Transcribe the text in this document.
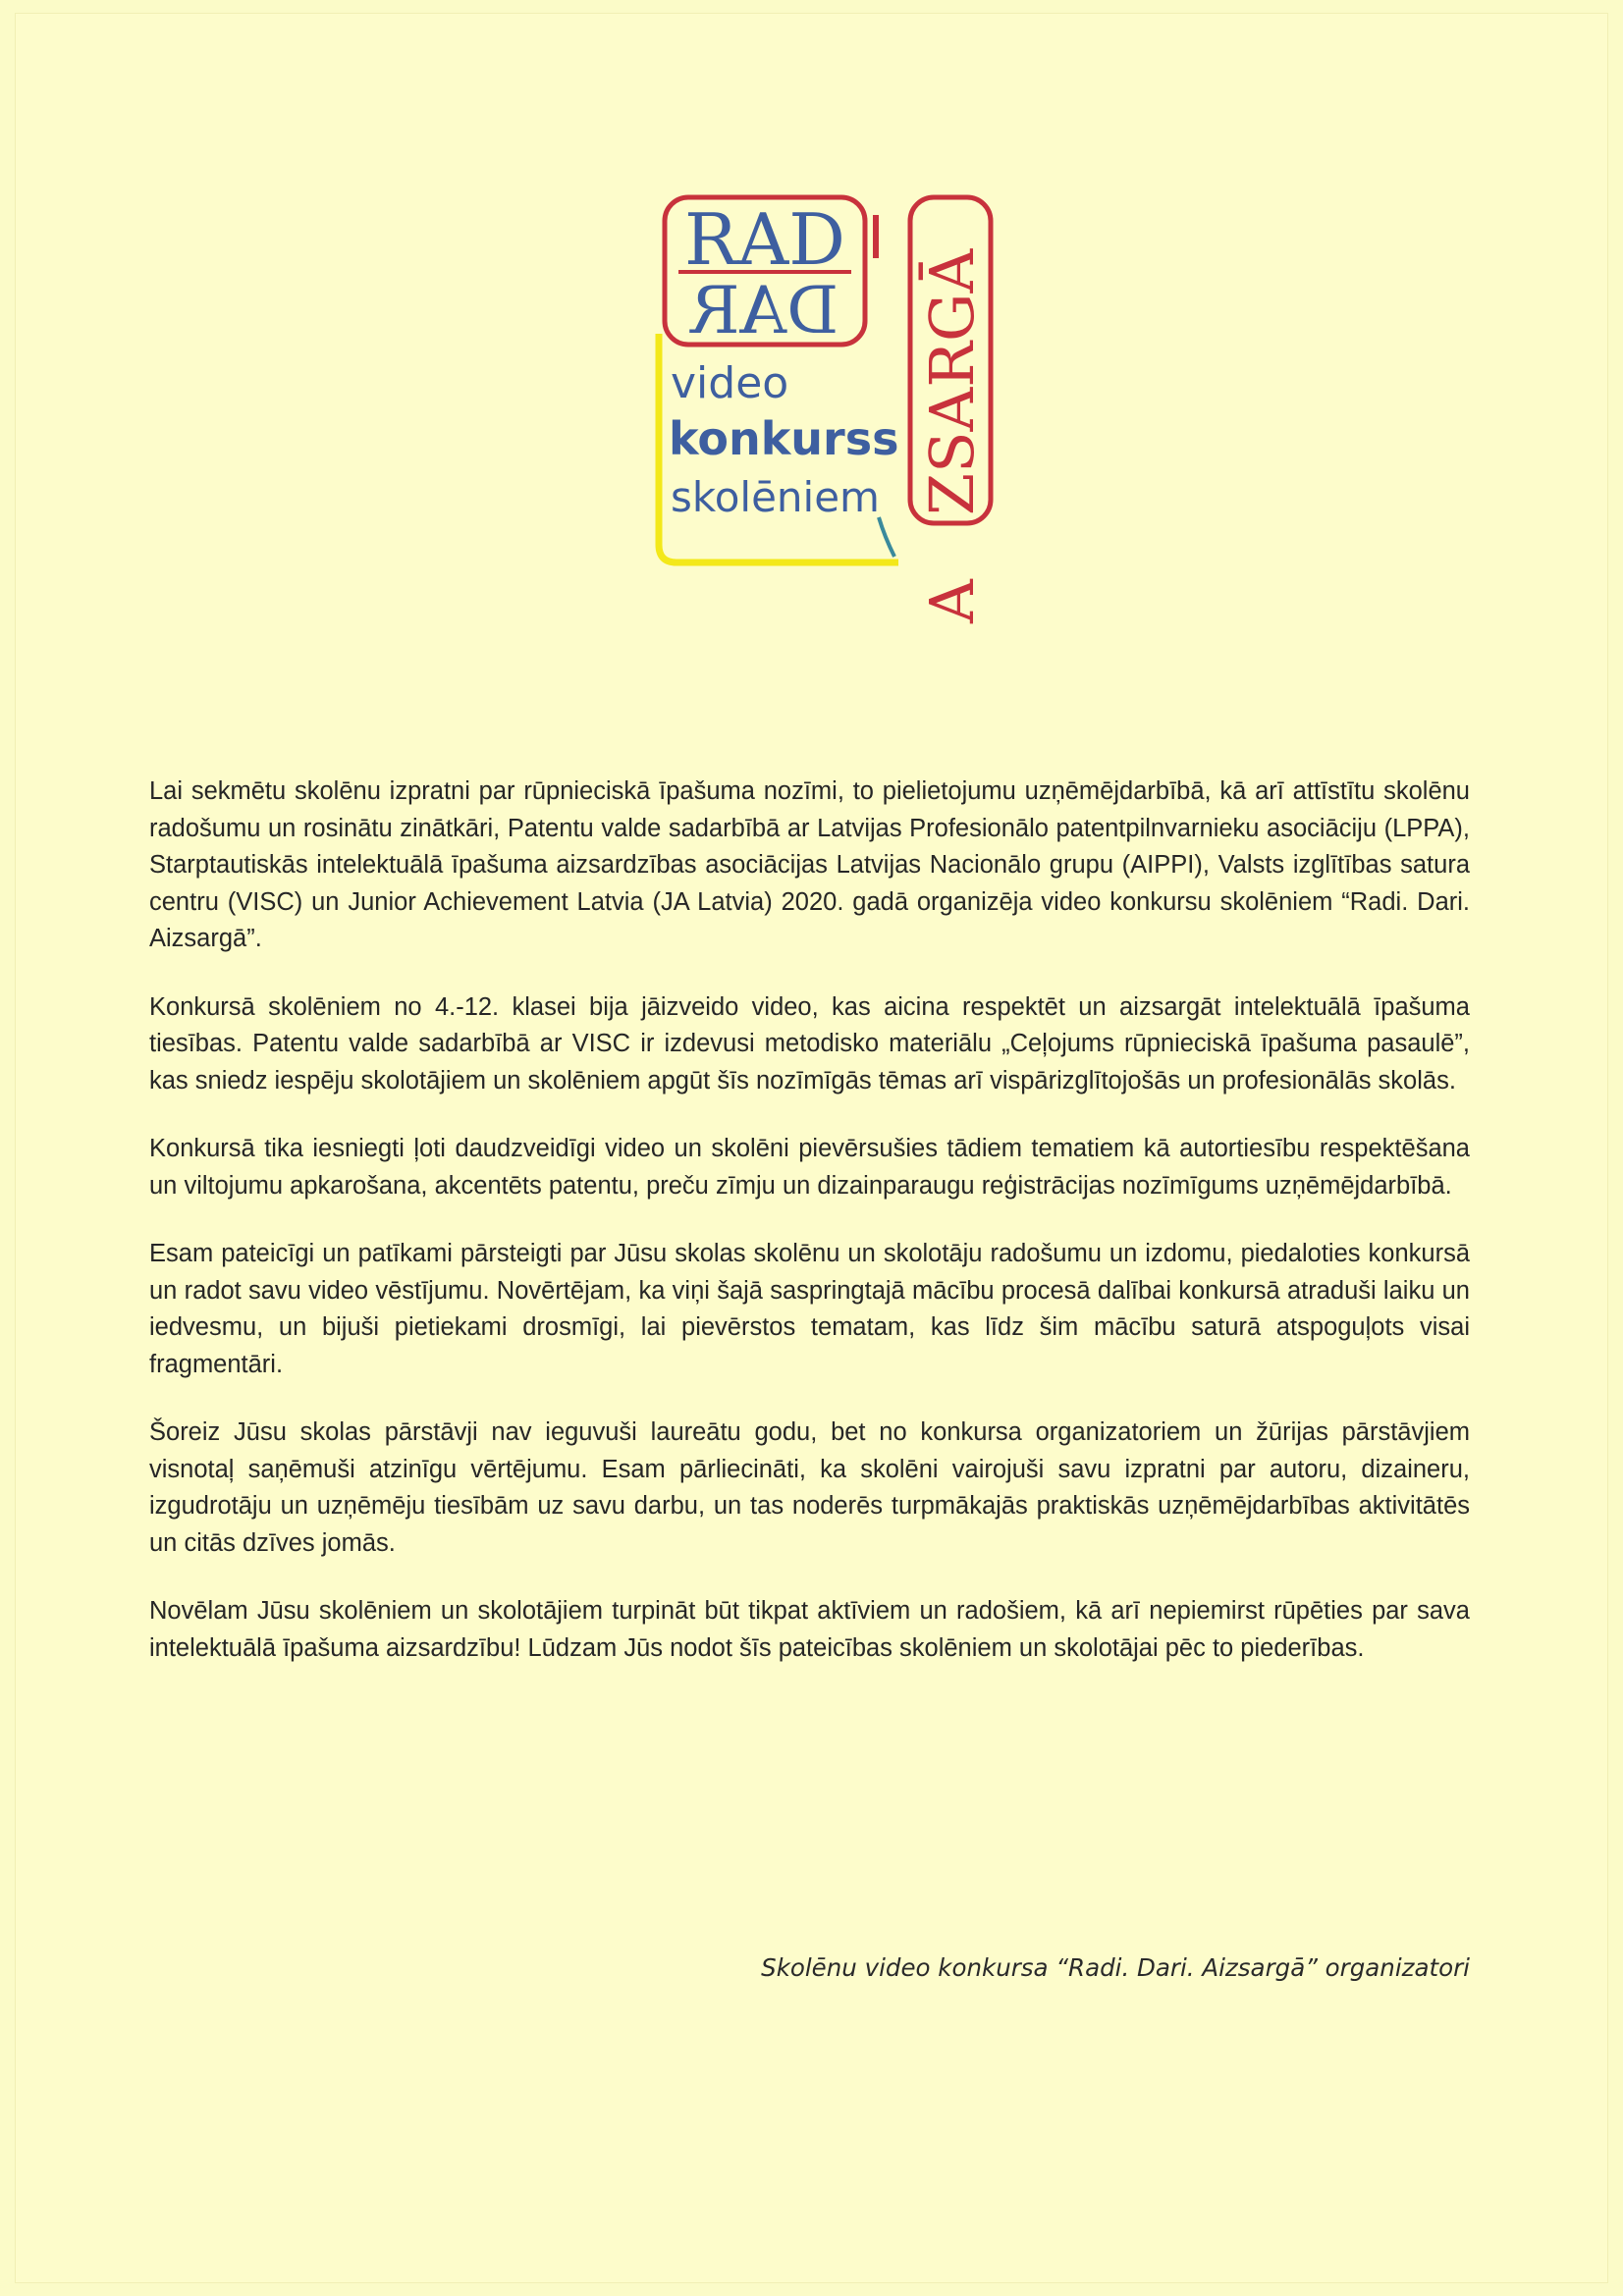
RAD
DAR
video
konkurss
skolēniem ZSARGĀ
A

Lai sekmētu skolēnu izpratni par rūpnieciskā īpašuma nozīmi, to pielietojumu uzņēmējdarbībā, kā arī attīstītu skolēnu radošumu un rosinātu zinātkāri, Patentu valde sadarbībā ar Latvijas Profesionālo patentpilnvarnieku asociāciju (LPPA), Starptautiskās intelektuālā īpašuma aizsardzības asociācijas Latvijas Nacionālo grupu (AIPPI), Valsts izglītības satura centru (VISC) un Junior Achievement Latvia (JA Latvia) 2020. gadā organizēja video konkursu skolēniem “Radi. Dari. Aizsargā”.

Konkursā skolēniem no 4.-12. klasei bija jāizveido video, kas aicina respektēt un aizsargāt intelektuālā īpašuma tiesības. Patentu valde sadarbībā ar VISC ir izdevusi metodisko materiālu „Ceļojums rūpnieciskā īpašuma pasaulē”, kas sniedz iespēju skolotājiem un skolēniem apgūt šīs nozīmīgās tēmas arī vispārizglītojošās un profesionālās skolās.

Konkursā tika iesniegti ļoti daudzveidīgi video un skolēni pievērsušies tādiem tematiem kā autortiesību respektēšana un viltojumu apkarošana, akcentēts patentu, preču zīmju un dizainparaugu reģistrācijas nozīmīgums uzņēmējdarbībā.

Esam pateicīgi un patīkami pārsteigti par Jūsu skolas skolēnu un skolotāju radošumu un izdomu, piedaloties konkursā un radot savu video vēstījumu. Novērtējam, ka viņi šajā saspringtajā mācību procesā dalībai konkursā atraduši laiku un iedvesmu, un bijuši pietiekami drosmīgi, lai pievērstos tematam, kas līdz šim mācību saturā atspoguļots visai fragmentāri.

Šoreiz Jūsu skolas pārstāvji nav ieguvuši laureātu godu, bet no konkursa organizatoriem un žūrijas pārstāvjiem visnotaļ saņēmuši atzinīgu vērtējumu. Esam pārliecināti, ka skolēni vairojuši savu izpratni par autoru, dizaineru, izgudrotāju un uzņēmēju tiesībām uz savu darbu, un tas noderēs turpmākajās praktiskās uzņēmējdarbības aktivitātēs un citās dzīves jomās.

Novēlam Jūsu skolēniem un skolotājiem turpināt būt tikpat aktīviem un radošiem, kā arī nepiemirst rūpēties par sava intelektuālā īpašuma aizsardzību! Lūdzam Jūs nodot šīs pateicības skolēniem un skolotājai pēc to piederības.

Skolēnu video konkursa “Radi. Dari. Aizsargā” organizatori
